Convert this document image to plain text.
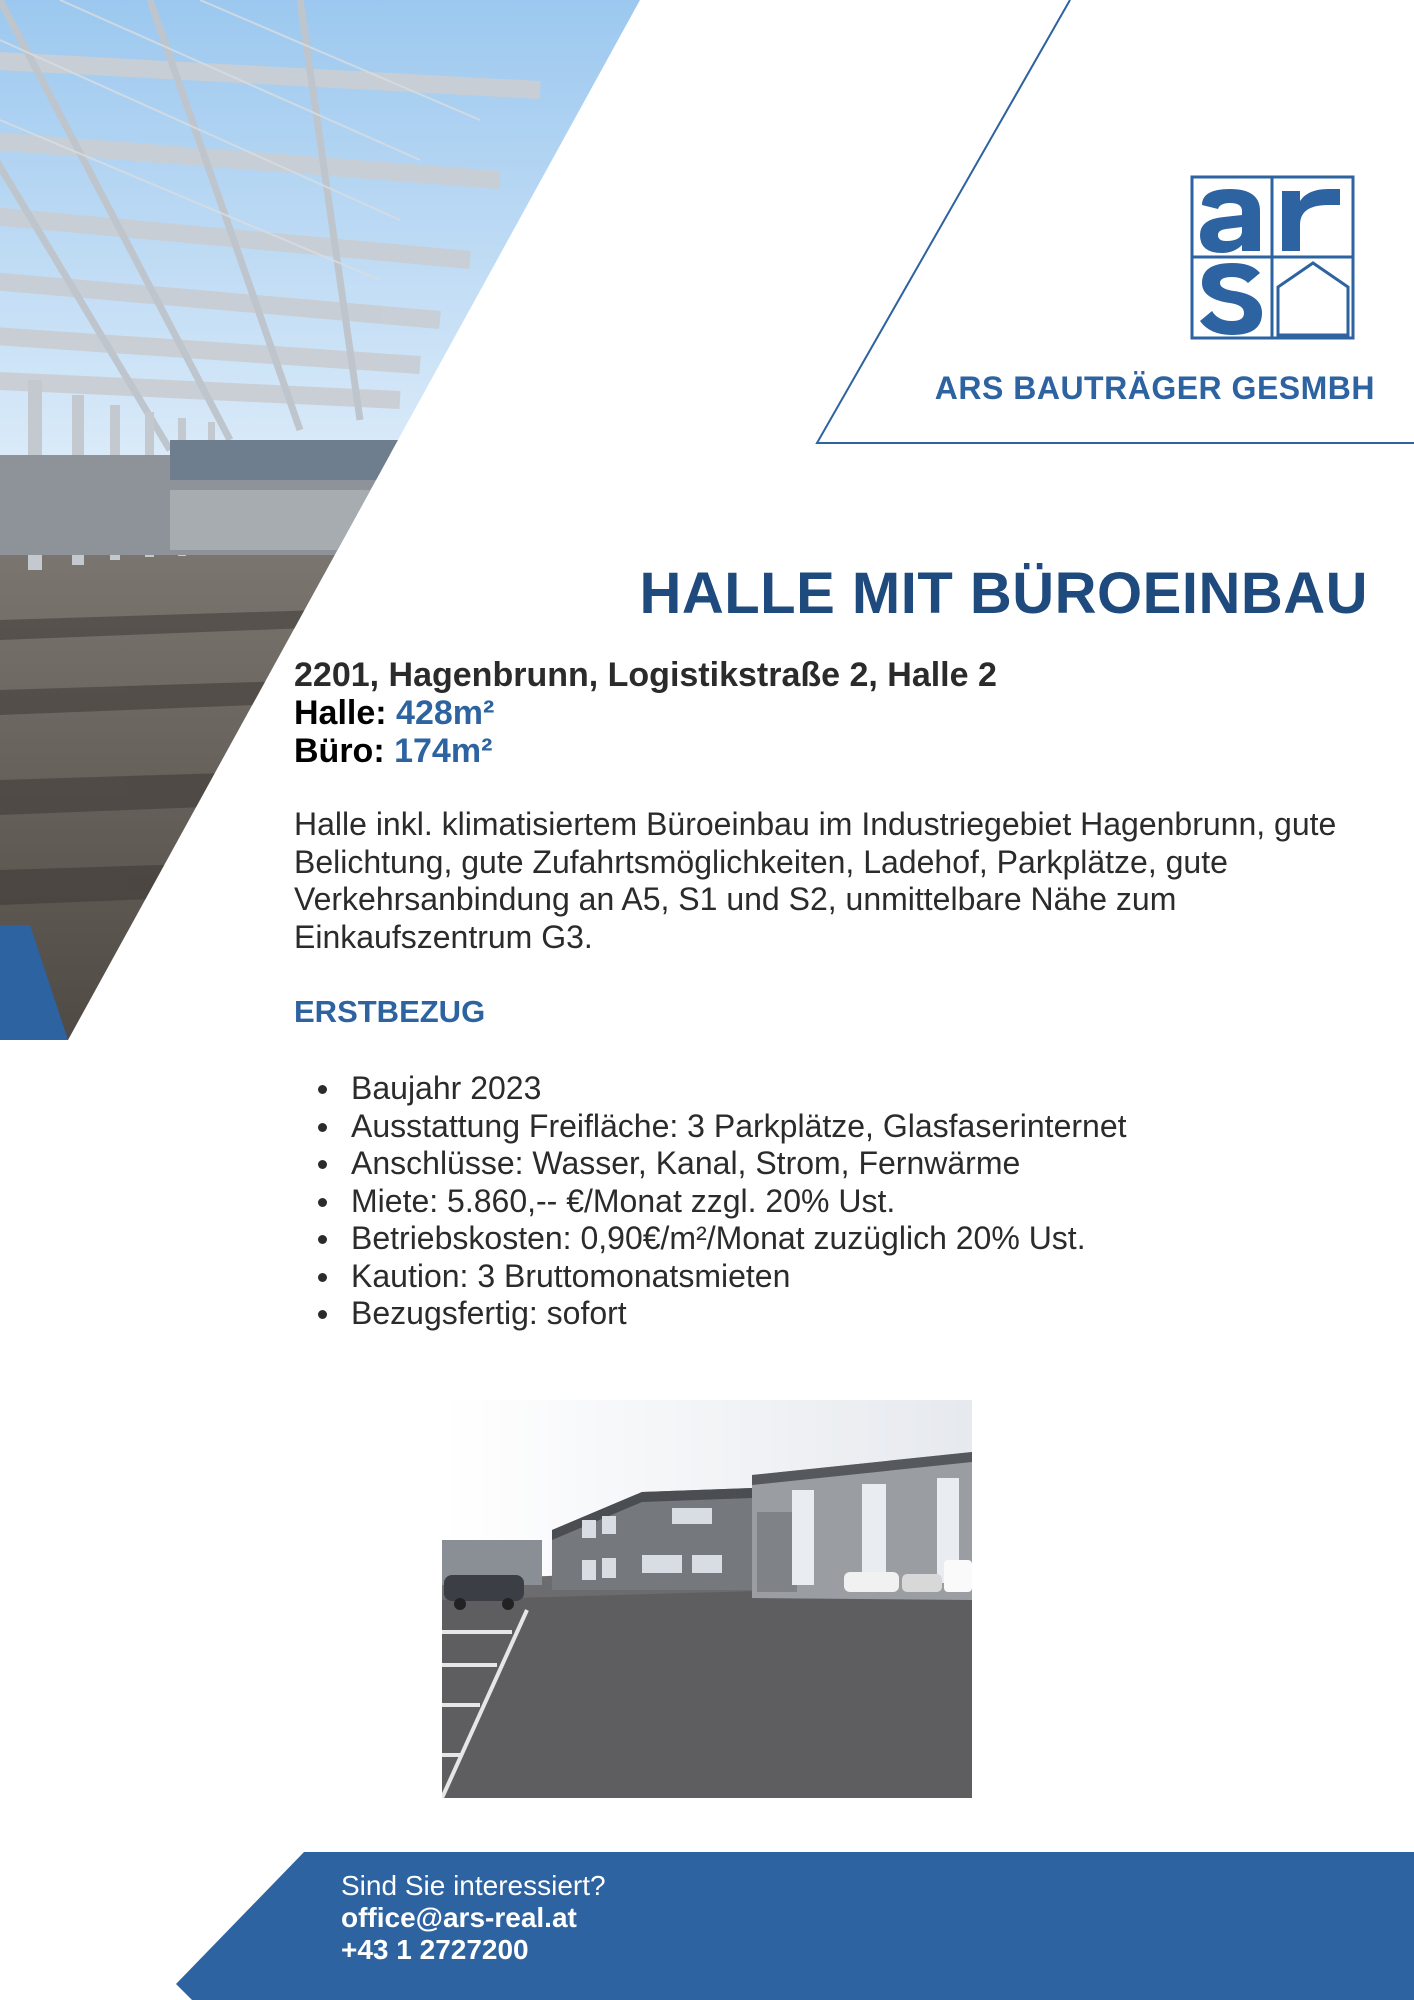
ARS BAUTRÄGER GESMBH
HALLE MIT BÜROEINBAU
2201, Hagenbrunn, Logistikstraße 2, Halle 2
Halle: 428m²
Büro: 174m²
Halle inkl. klimatisiertem Büroeinbau im Industriegebiet Hagenbrunn, gute Belichtung, gute Zufahrtsmöglichkeiten, Ladehof, Parkplätze, gute Verkehrsanbindung an A5, S1 und S2, unmittelbare Nähe zum Einkaufszentrum G3.
ERSTBEZUG
Baujahr 2023
Ausstattung Freifläche: 3 Parkplätze, Glasfaserinternet
Anschlüsse: Wasser, Kanal, Strom, Fernwärme
Miete: 5.860,-- €/Monat zzgl. 20% Ust.
Betriebskosten: 0,90€/m²/Monat zuzüglich 20% Ust.
Kaution: 3 Bruttomonatsmieten
Bezugsfertig: sofort
Sind Sie interessiert?
office@ars-real.at
+43 1 2727200
